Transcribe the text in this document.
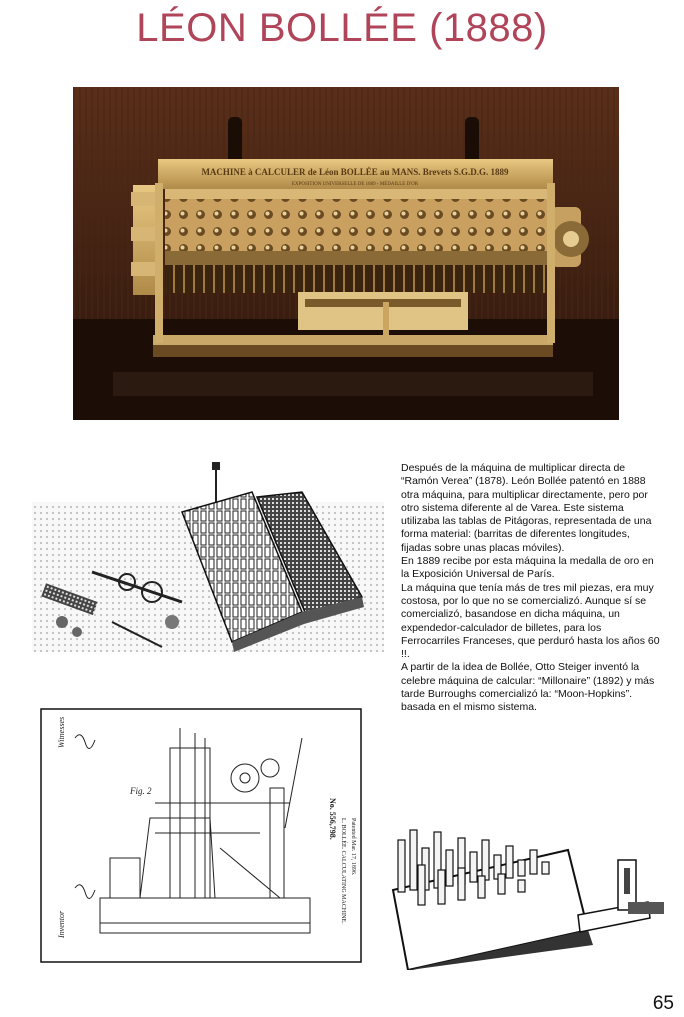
LÉON BOLLÉE (1888)
MACHINE à CALCULER de Léon BOLLÉE au MANS. Brevets S.G.D.G. 1889
EXPOSITION UNIVERSELLE DE 1889 - MÉDAILLE D'OR

Después de la máquina de multiplicar directa de “Ramón Verea” (1878). León Bollée patentó en 1888 otra máquina, para multiplicar directamente, pero por otro sistema diferente al de Varea. Este sistema utilizaba las tablas de Pitágoras, representada de una forma material: (barritas de diferentes longitudes, fijadas sobre unas placas móviles).

En 1889 recibe por esta máquina la medalla de oro en la Exposición Universal de París.

La máquina que tenía más de tres mil piezas, era muy costosa, por lo que no se comercializó. Aunque sí se comercializó, basandose en dicha máquina, un expendedor-calculador de billetes, para los Ferrocarriles Franceses, que perduró hasta los años 60 !!.

A partir de la idea de Bollée, Otto Steiger inventó la celebre máquina de calcular: “Millonaire” (1892) y más tarde Burroughs comercializó la: “Moon-Hopkins”. basada en el mismo sistema.

Witnesses
Inventor
No. 556,798. L. BOLLÉE. CALCULATING MACHINE. Patented Mar. 17, 1896.
Fig. 2
65
